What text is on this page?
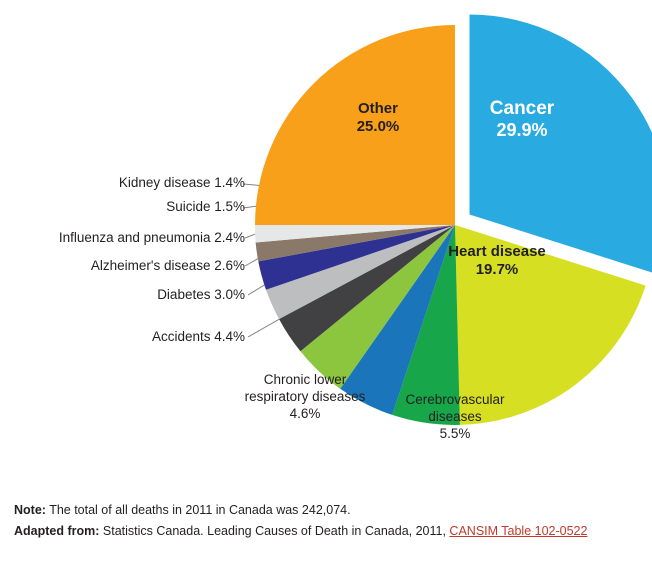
Cancer
29.9%
Heart disease
19.7%
Other
25.0%
Kidney disease 1.4%
Suicide 1.5%
Influenza and pneumonia 2.4%
Alzheimer's disease 2.6%
Diabetes 3.0%
Accidents 4.4%
Chronic lower
respiratory diseases
4.6%
Cerebrovascular
diseases
5.5%
Note: The total of all deaths in 2011 in Canada was 242,074.
Adapted from: Statistics Canada. Leading Causes of Death in Canada, 2011, CANSIM Table 102-0522
